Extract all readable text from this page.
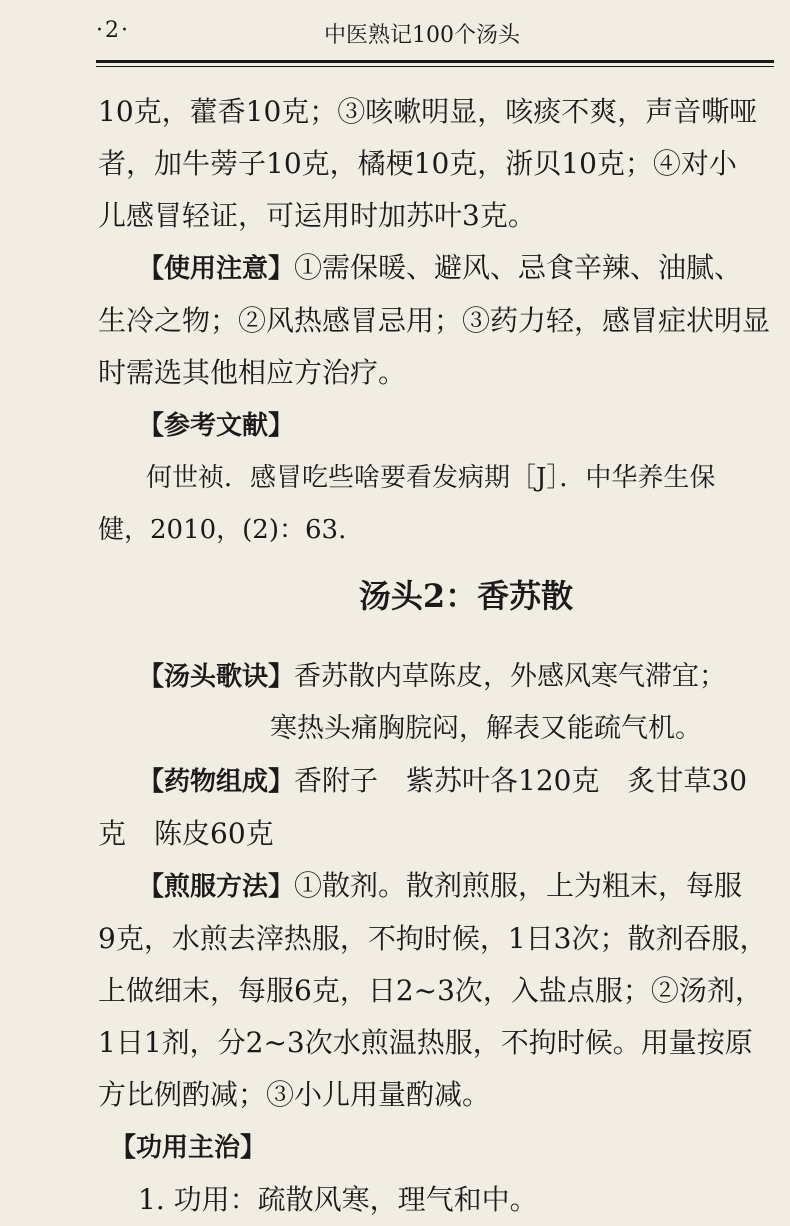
·2·	中医熟记100个汤头

10克，藿香10克；③咳嗽明显，咳痰不爽，声音嘶哑

者，加牛蒡子10克，橘梗10克，浙贝10克；④对小

儿感冒轻证，可运用时加苏叶3克。

【使用注意】①需保暖、避风、忌食辛辣、油腻、

生冷之物；②风热感冒忌用；③药力轻，感冒症状明显

时需选其他相应方治疗。

【参考文献】

何世祯．感冒吃些啥要看发病期［J］．中华养生保

健，2010，(2)：63.

汤头2：香苏散

【汤头歌诀】香苏散内草陈皮，外感风寒气滞宜；

寒热头痛胸脘闷，解表又能疏气机。

【药物组成】香附子　紫苏叶各120克　炙甘草30

克　陈皮60克

【煎服方法】①散剂。散剂煎服，上为粗末，每服

9克，水煎去滓热服，不拘时候，1日3次；散剂吞服，

上做细末，每服6克，日2~3次，入盐点服；②汤剂，

1日1剂，分2~3次水煎温热服，不拘时候。用量按原

方比例酌减；③小儿用量酌减。

【功用主治】

1. 功用：疏散风寒，理气和中。
